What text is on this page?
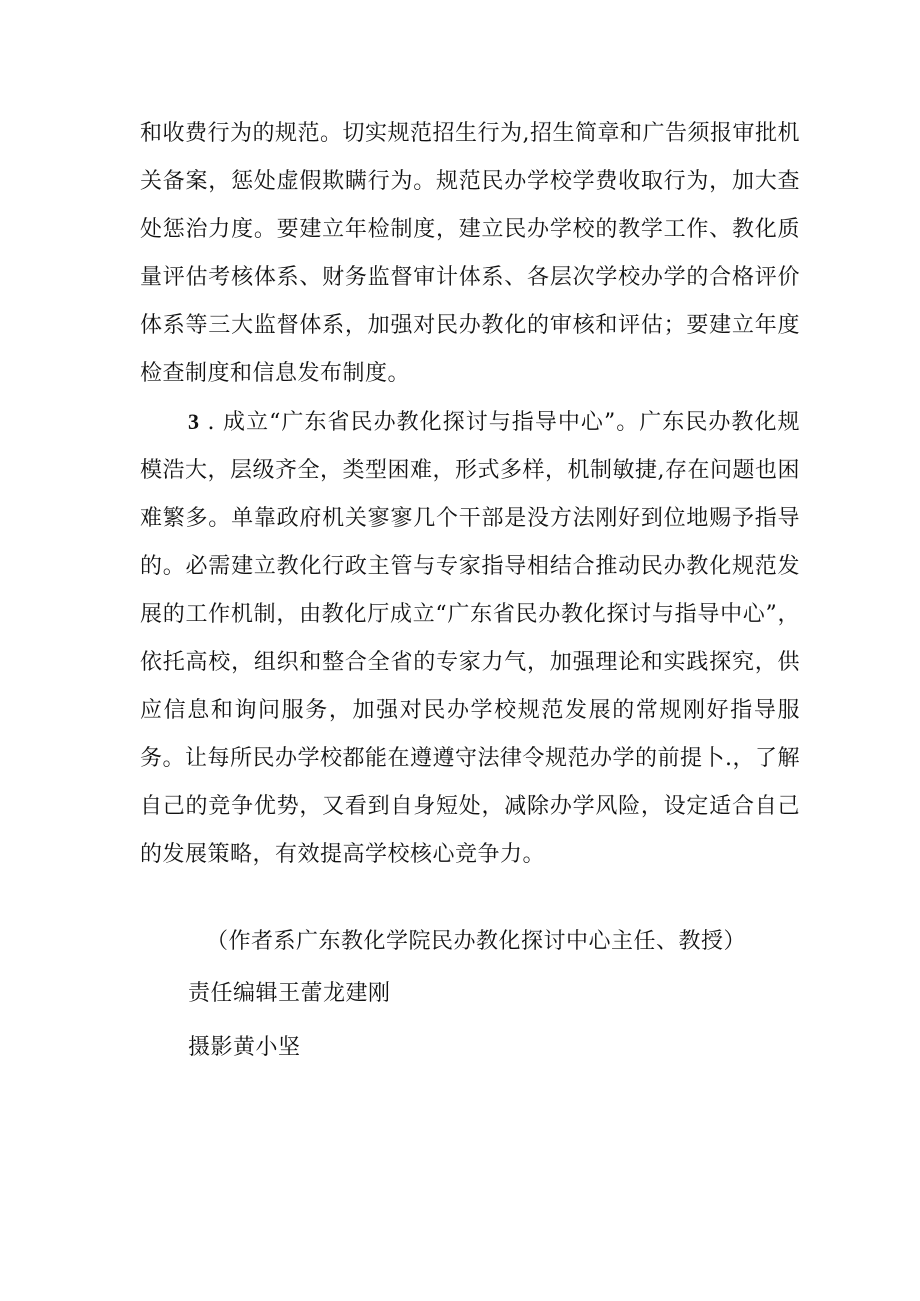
和收费行为的规范。切实规范招生行为,招生简章和广告须报审批机关备案，惩处虚假欺瞒行为。规范民办学校学费收取行为，加大查处惩治力度。要建立年检制度，建立民办学校的教学工作、教化质量评估考核体系、财务监督审计体系、各层次学校办学的合格评价体系等三大监督体系，加强对民办教化的审核和评估；要建立年度检查制度和信息发布制度。

3 . 成立“广东省民办教化探讨与指导中心”。广东民办教化规模浩大，层级齐全，类型困难，形式多样，机制敏捷,存在问题也困难繁多。单靠政府机关寥寥几个干部是没方法刚好到位地赐予指导的。必需建立教化行政主管与专家指导相结合推动民办教化规范发展的工作机制，由教化厅成立“广东省民办教化探讨与指导中心”，依托高校，组织和整合全省的专家力气，加强理论和实践探究，供应信息和询问服务，加强对民办学校规范发展的常规刚好指导服务。让每所民办学校都能在遵遵守法律令规范办学的前提卜.，了解自己的竞争优势，又看到自身短处，减除办学风险，设定适合自己的发展策略，有效提高学校核心竞争力。

（作者系广东教化学院民办教化探讨中心主任、教授）
责任编辑王蕾龙建刚
摄影黄小坚
